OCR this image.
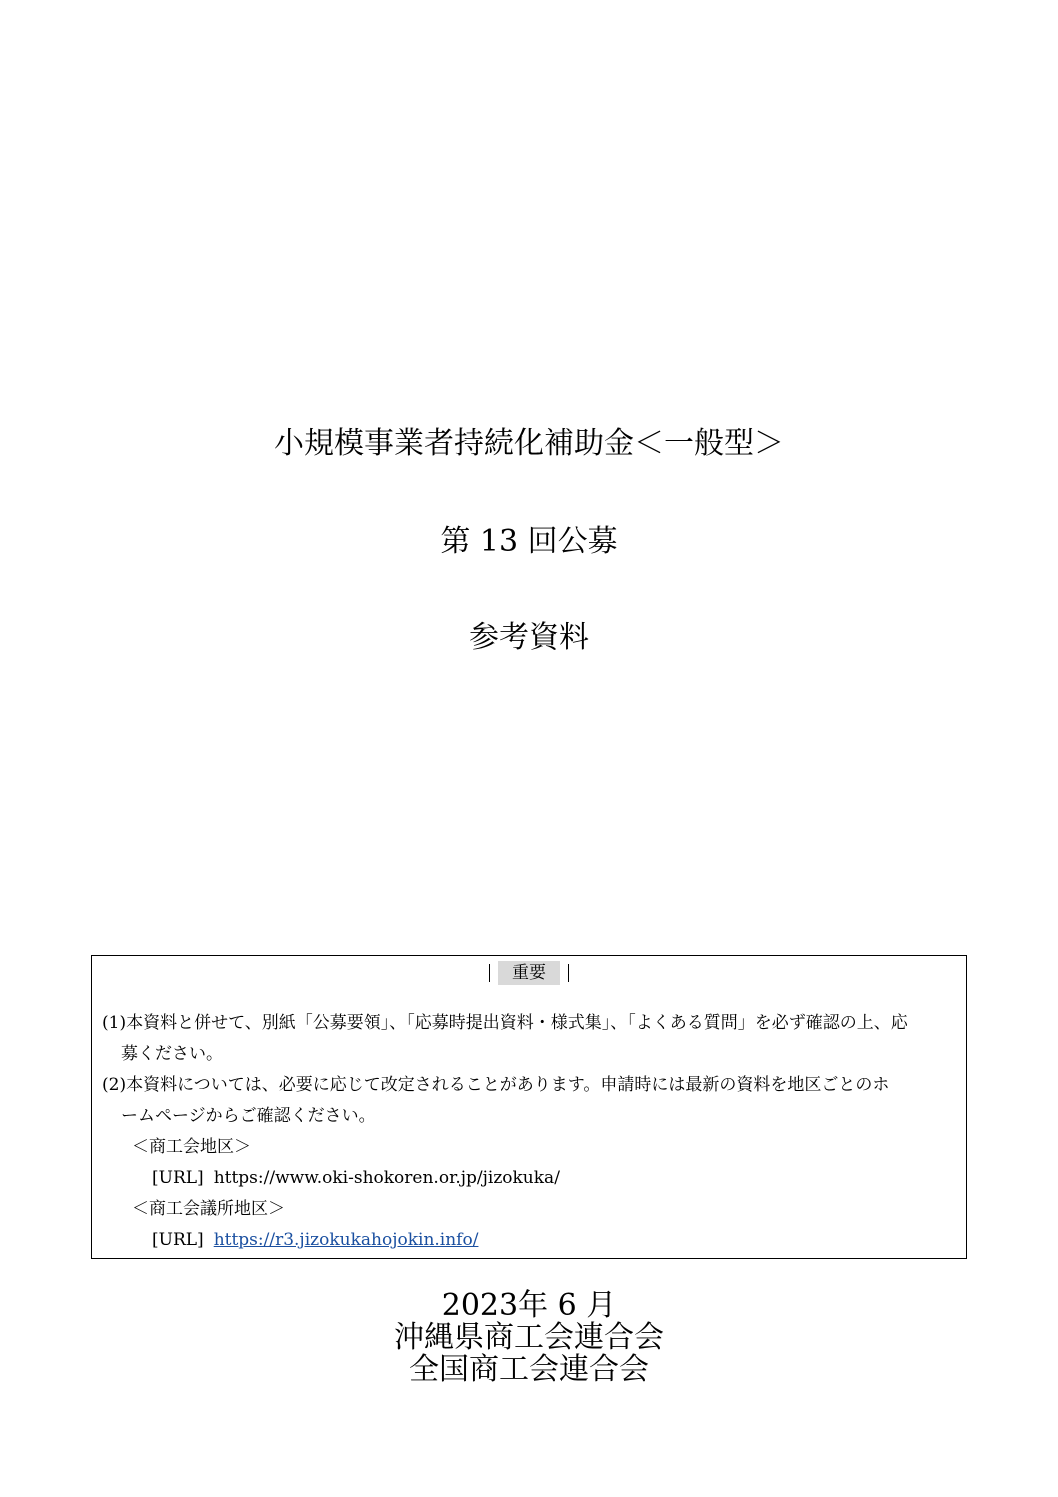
小規模事業者持続化補助金＜一般型＞
第 13 回公募
参考資料
重要
(1)本資料と併せて、別紙「公募要領」、「応募時提出資料・様式集」、「よくある質問」を必ず確認の上、応
募ください。
(2)本資料については、必要に応じて改定されることがあります。申請時には最新の資料を地区ごとのホ
ームページからご確認ください。
＜商工会地区＞
[URL] https://www.oki-shokoren.or.jp/jizokuka/
＜商工会議所地区＞
[URL] https://r3.jizokukahojokin.info/
2023年 6 月
沖縄県商工会連合会
全国商工会連合会
